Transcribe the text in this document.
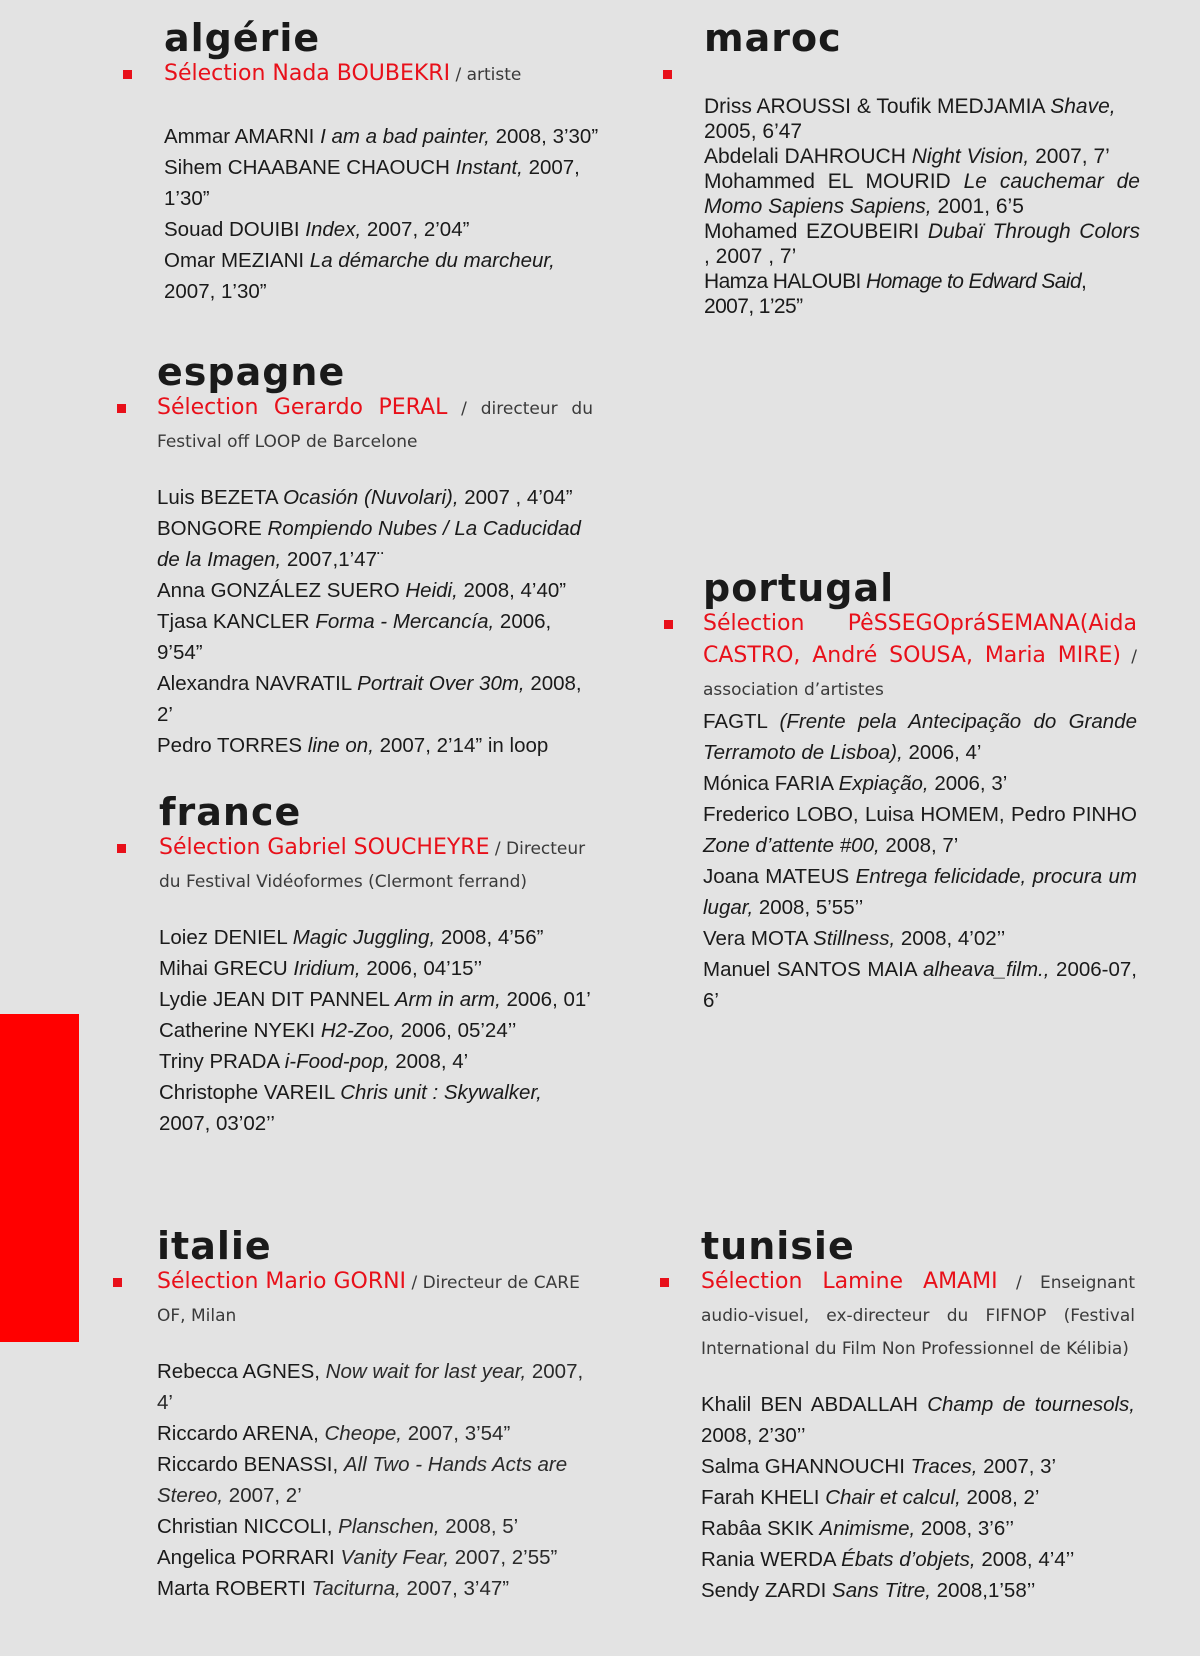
algérie
Sélection Nada BOUBEKRI / artiste

Ammar AMARNI I am a bad painter, 2008, 3’30”

Sihem CHAABANE CHAOUCH Instant, 2007, 1’30”

Souad DOUIBI Index, 2007, 2’04”

Omar MEZIANI La démarche du marcheur, 2007, 1’30”

espagne
Sélection Gerardo PERAL / directeur du Festival off LOOP de Barcelone

Luis BEZETA Ocasión (Nuvolari), 2007 , 4’04”

BONGORE Rompiendo Nubes / La Caducidad de la Imagen, 2007,1’47¨

Anna GONZÁLEZ SUERO Heidi, 2008, 4’40”

Tjasa KANCLER Forma - Mercancía, 2006, 9’54”

Alexandra NAVRATIL Portrait Over 30m, 2008, 2’

Pedro TORRES line on, 2007, 2’14” in loop

france
Sélection Gabriel SOUCHEYRE / Directeur du Festival Vidéoformes (Clermont ferrand)

Loiez DENIEL Magic Juggling, 2008, 4’56”

Mihai GRECU Iridium, 2006, 04’15’’

Lydie JEAN DIT PANNEL Arm in arm, 2006, 01’

Catherine NYEKI H2-Zoo, 2006, 05’24’’

Triny PRADA i-Food-pop, 2008, 4’

Christophe VAREIL Chris unit : Skywalker, 2007, 03’02’’

italie
Sélection Mario GORNI / Directeur de CARE OF, Milan

Rebecca AGNES, Now wait for last year, 2007, 4’

Riccardo ARENA, Cheope, 2007, 3’54”

Riccardo BENASSI, All Two - Hands Acts are Stereo, 2007, 2’

Christian NICCOLI, Planschen, 2008, 5’

Angelica PORRARI Vanity Fear, 2007, 2’55”

Marta ROBERTI Taciturna, 2007, 3’47”

maroc

Driss AROUSSI & Toufik MEDJAMIA Shave, 2005, 6’47

Abdelali DAHROUCH Night Vision, 2007, 7’

Mohammed EL MOURID Le cauchemar de Momo Sapiens Sapiens, 2001, 6’5

Mohamed EZOUBEIRI Dubaï Through Colors , 2007 , 7’

Hamza HALOUBI Homage to Edward Said, 2007, 1’25”

portugal
Sélection PêSSEGOpráSEMANA(Aida CASTRO, André SOUSA, Maria MIRE) / association d’artistes

FAGTL (Frente pela Antecipação do Grande Terramoto de Lisboa), 2006, 4’

Mónica FARIA Expiação, 2006, 3’

Frederico LOBO, Luisa HOMEM, Pedro PINHO Zone d’attente #00, 2008, 7’

Joana MATEUS Entrega felicidade, procura um lugar, 2008, 5’55’’

Vera MOTA Stillness, 2008, 4’02’’

Manuel SANTOS MAIA alheava_film., 2006-07, 6’

tunisie
Sélection Lamine AMAMI / Enseignant audio-visuel, ex-directeur du FIFNOP (Festival International du Film Non Professionnel de Kélibia)

Khalil BEN ABDALLAH Champ de tournesols, 2008, 2’30’’

Salma GHANNOUCHI Traces, 2007, 3’

Farah KHELI Chair et calcul, 2008, 2’

Rabâa SKIK Animisme, 2008, 3’6’’

Rania WERDA Ébats d’objets, 2008, 4’4’’

Sendy ZARDI Sans Titre, 2008,1’58’’
